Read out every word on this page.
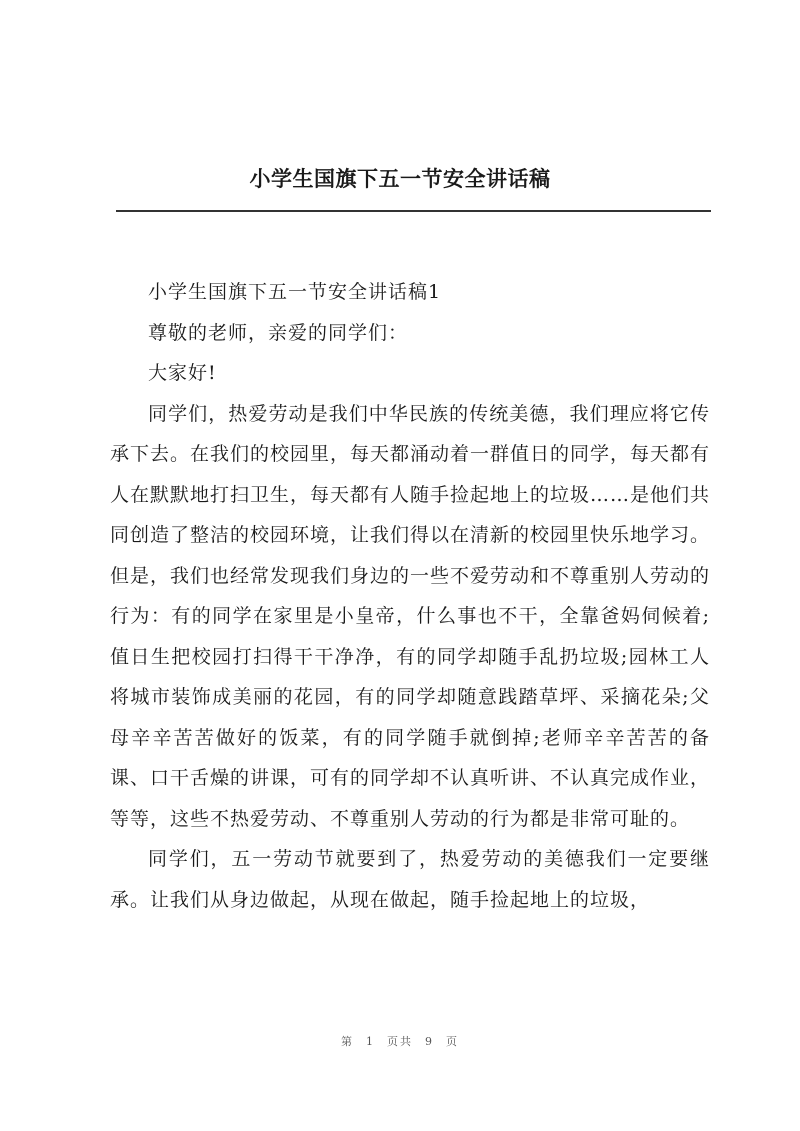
小学生国旗下五一节安全讲话稿

小学生国旗下五一节安全讲话稿1

尊敬的老师，亲爱的同学们：

大家好!

同学们，热爱劳动是我们中华民族的传统美德，我们理应将它传承下去。在我们的校园里，每天都涌动着一群值日的同学，每天都有人在默默地打扫卫生，每天都有人随手捡起地上的垃圾……是他们共同创造了整洁的校园环境，让我们得以在清新的校园里快乐地学习。但是，我们也经常发现我们身边的一些不爱劳动和不尊重别人劳动的行为：有的同学在家里是小皇帝，什么事也不干，全靠爸妈伺候着;值日生把校园打扫得干干净净，有的同学却随手乱扔垃圾;园林工人将城市装饰成美丽的花园，有的同学却随意践踏草坪、采摘花朵;父母辛辛苦苦做好的饭菜，有的同学随手就倒掉;老师辛辛苦苦的备课、口干舌燥的讲课，可有的同学却不认真听讲、不认真完成作业，等等，这些不热爱劳动、不尊重别人劳动的行为都是非常可耻的。

同学们，五一劳动节就要到了，热爱劳动的美德我们一定要继承。让我们从身边做起，从现在做起，随手捡起地上的垃圾，

第 1 页共 9 页
